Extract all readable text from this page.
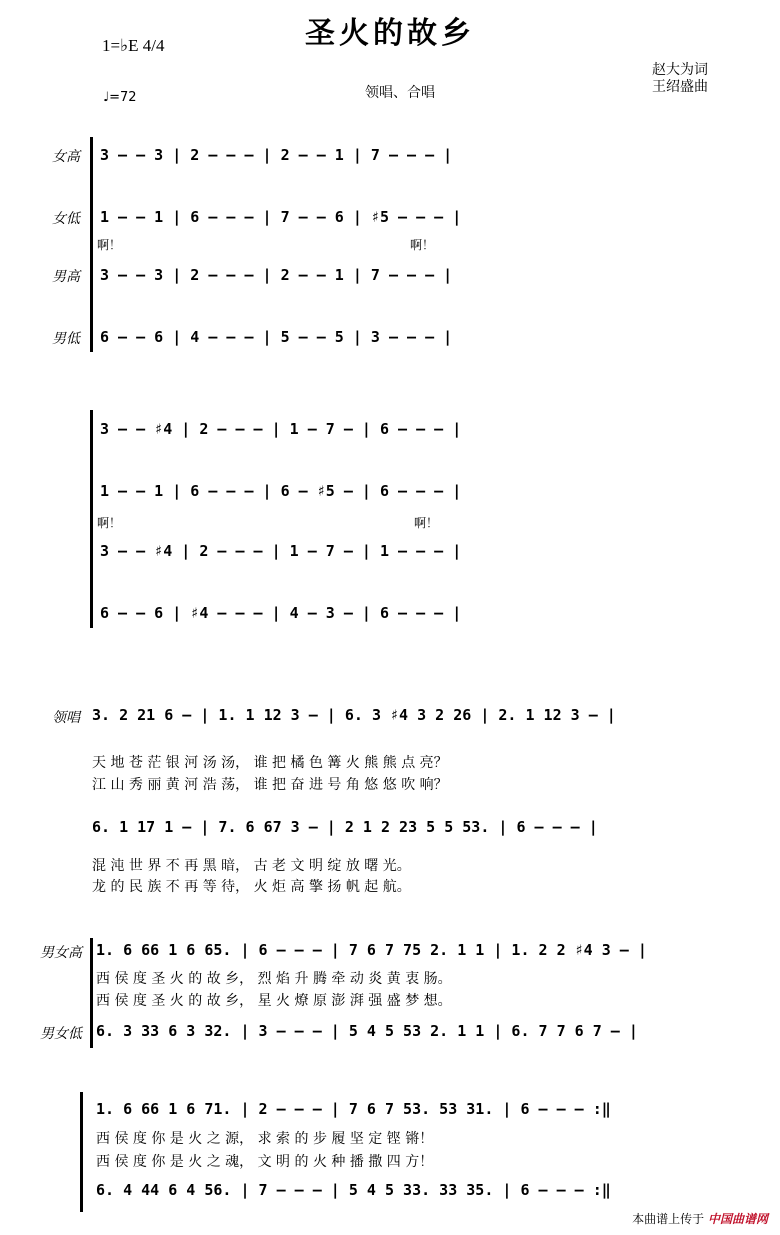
圣火的故乡
1=♭E 4/4
赵大为词
王绍盛曲
♩=72	领唱、合唱
女高 3 – – 3 | 2 – – – | 2 – – 1 | 7 – – – |
女低 1 – – 1 | 6 – – – | 7 – – 6 | ♯5 – – – |
啊！	啊！
男高 3 – – 3 | 2 – – – | 2 – – 1 | 7 – – – |
男低 6 – – 6 | 4 – – – | 5 – – 5 | 3 – – – |
3 – – ♯4 | 2 – – – | 1 – 7 – | 6 – – – |
1 – – 1 | 6 – – – | 6 – ♯5 – | 6 – – – |
啊！	啊！
3 – – ♯4 | 2 – – – | 1 – 7 – | 1 – – – |
6 – – 6 | ♯4 – – – | 4 – 3 – | 6 – – – |
领唱 3. 2 21 6 – | 1. 1 12 3 – | 6. 3 ♯4 3 2 26 | 2. 1 12 3 – |
天 地 苍 茫 银 河 汤 汤， 谁 把 橘 色 篝 火 熊 熊 点 亮？
江 山 秀 丽 黄 河 浩 荡， 谁 把 奋 进 号 角 悠 悠 吹 响？
6. 1 17 1 – | 7. 6 67 3 – | 2 1 2 23 5 5 53. | 6 – – – |
混 沌 世 界 不 再 黑 暗， 古 老 文 明 绽 放 曙 光。
龙 的 民 族 不 再 等 待， 火 炬 高 擎 扬 帆 起 航。
男女高 1. 6 66 1 6 65. | 6 – – – | 7 6 7 75 2. 1 1 | 1. 2 2 ♯4 3 – |
西 侯 度 圣 火 的 故 乡， 烈 焰 升 腾 牵 动 炎 黄 衷 肠。
西 侯 度 圣 火 的 故 乡， 星 火 燎 原 澎 湃 强 盛 梦 想。
男女低 6. 3 33 6 3 32. | 3 – – – | 5 4 5 53 2. 1 1 | 6. 7 7 6 7 – |
1. 6 66 1 6 71. | 2 – – – | 7 6 7 53. 53 31. | 6 – – – :‖
西 侯 度 你 是 火 之 源， 求 索 的 步 履 坚 定 铿 锵！
西 侯 度 你 是 火 之 魂， 文 明 的 火 种 播 撒 四 方！
6. 4 44 6 4 56. | 7 – – – | 5 4 5 33. 33 35. | 6 – – – :‖
本曲谱上传于 中国曲谱网
